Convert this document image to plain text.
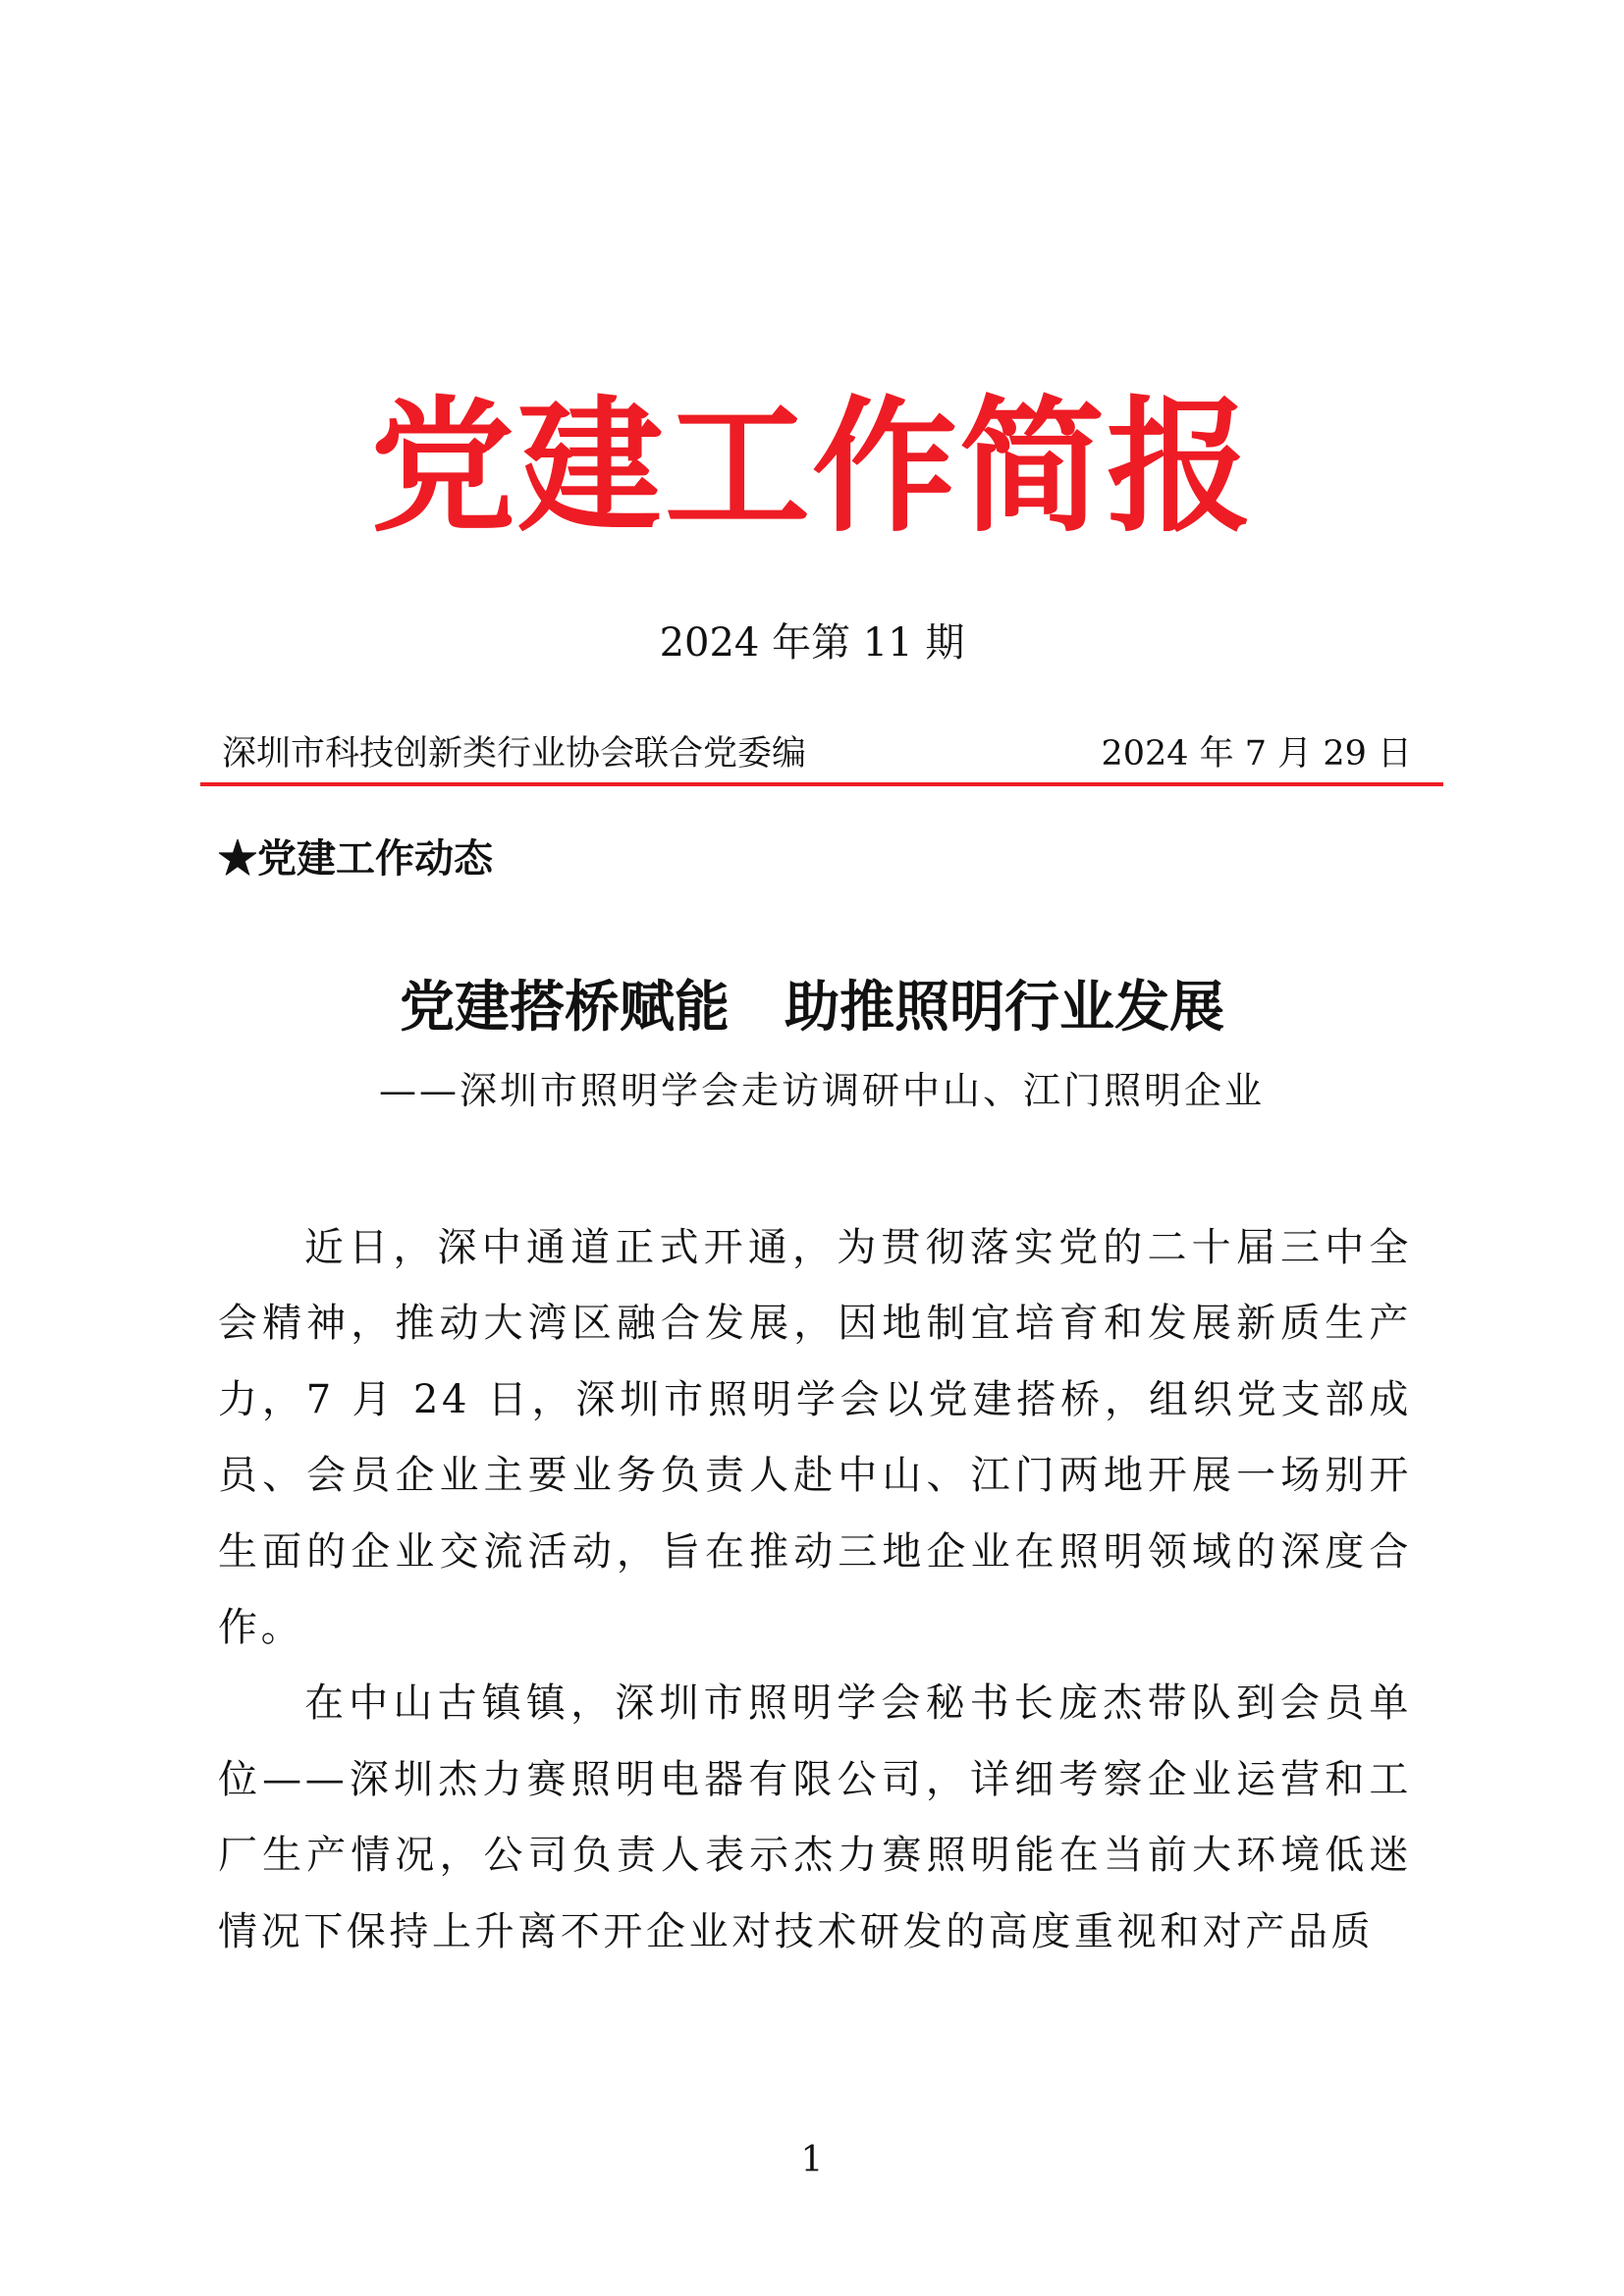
党建工作简报
2024 年第 11 期
深圳市科技创新类行业协会联合党委编	2024 年 7 月 29 日
★党建工作动态
党建搭桥赋能　助推照明行业发展
——深圳市照明学会走访调研中山、江门照明企业

近日，深中通道正式开通，为贯彻落实党的二十届三中全会精神，推动大湾区融合发展，因地制宜培育和发展新质生产力，7 月 24 日，深圳市照明学会以党建搭桥，组织党支部成员、会员企业主要业务负责人赴中山、江门两地开展一场别开生面的企业交流活动，旨在推动三地企业在照明领域的深度合作。

在中山古镇镇，深圳市照明学会秘书长庞杰带队到会员单位——深圳杰力赛照明电器有限公司，详细考察企业运营和工厂生产情况，公司负责人表示杰力赛照明能在当前大环境低迷情况下保持上升离不开企业对技术研发的高度重视和对产品质

1
